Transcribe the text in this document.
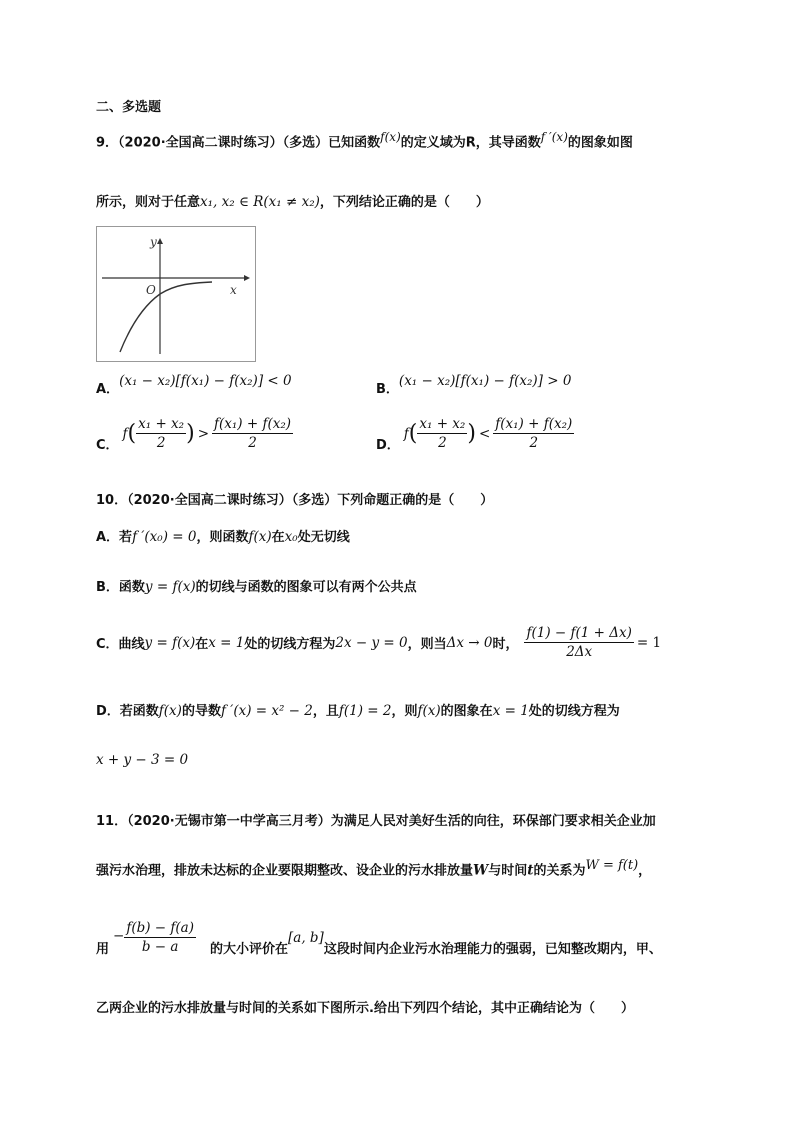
二、多选题
9．（2020·全国高二课时练习）（多选）已知函数$^{f(x)}$的定义域为R，其导函数$^{f '(x)}$的图象如图
所示，则对于任意x₁, x₂ ∈ R(x₁ ≠ x₂)，下列结论正确的是（　　）
y
x
O
$_{A.}$(x₁ − x₂)[f(x₁) − f(x₂)] < 0
$_{B.}$(x₁ − x₂)[f(x₁) − f(x₂)] > 0
C．
f ( $\frac{\text{x₁ + x₂}}{2}$ ) > $\frac{\text{f(x₁) + f(x₂)}}{2}$	D．
f ( $\frac{\text{x₁ + x₂}}{2}$ ) < $\frac{\text{f(x₁) + f(x₂)}}{2}$
10．（2020·全国高二课时练习）（多选）下列命题正确的是（　　）
A．若f ′(x₀) = 0，则函数f(x)在x₀处无切线
B．函数y = f(x)的切线与函数的图象可以有两个公共点
C．曲线 y = f(x) 在 x = 1 处的切线方程为 2x − y = 0 ，则当 Δx → 0 时， $\frac{f(1) - f(1 + \Delta x)}{2\Delta x} = 1$
D．若函数f(x)的导数f ′(x) = x² − 2，且f(1) = 2，则f(x)的图象在x = 1处的切线方程为
x + y − 3 = 0
11．（2020·无锡市第一中学高三月考）为满足人民对美好生活的向往，环保部门要求相关企业加
强污水治理，排放未达标的企业要限期整改、设企业的污水排放量W与时间t的关系为$^{W = f(t)}$，
用
− $\frac{f(b) - f(a)}{b - a}$ 的大小评价在
[a, b]
这段时间内企业污水治理能力的强弱，已知整改期内，甲、
乙两企业的污水排放量与时间的关系如下图所示.给出下列四个结论，其中正确结论为（　　）
